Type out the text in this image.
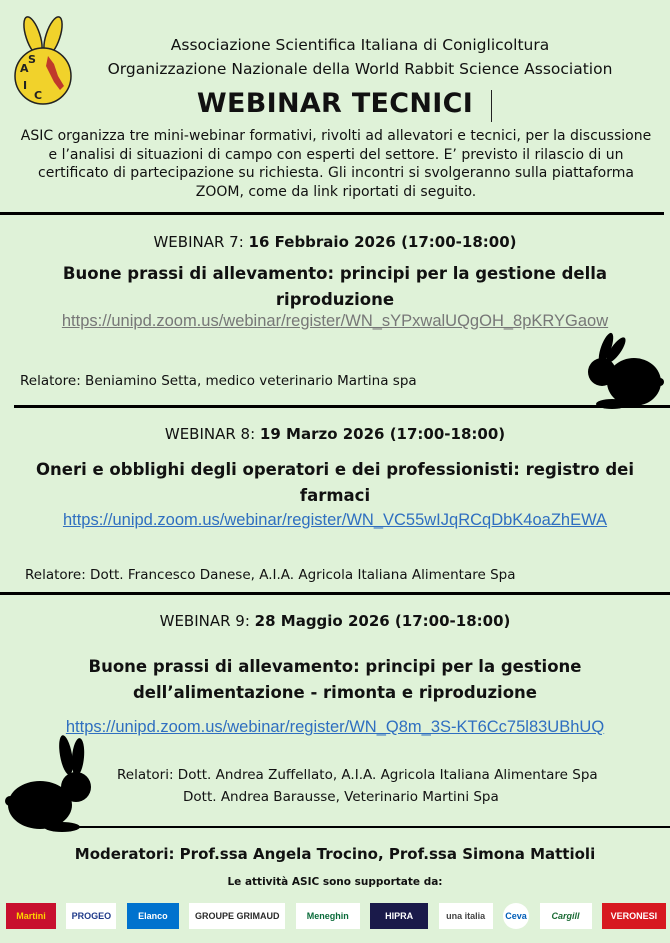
A
S
I
C
Associazione Scientifica Italiana di Coniglicoltura
Organizzazione Nazionale della World Rabbit Science Association
WEBINAR TECNICI
ASIC organizza tre mini-webinar formativi, rivolti ad allevatori e tecnici, per la discussione e l’analisi di situazioni di campo con esperti del settore. E’ previsto il rilascio di un certificato di partecipazione su richiesta. Gli incontri si svolgeranno sulla piattaforma ZOOM, come da link riportati di seguito.
WEBINAR 7: 16 Febbraio 2026 (17:00-18:00)
Buone prassi di allevamento: principi per la gestione della riproduzione
https://unipd.zoom.us/webinar/register/WN_sYPxwalUQgOH_8pKRYGaow
Relatore: Beniamino Setta, medico veterinario Martina spa
WEBINAR 8: 19 Marzo 2026 (17:00-18:00)
Oneri e obblighi degli operatori e dei professionisti: registro dei farmaci
https://unipd.zoom.us/webinar/register/WN_VC55wIJqRCqDbK4oaZhEWA
Relatore: Dott. Francesco Danese, A.I.A. Agricola Italiana Alimentare Spa
WEBINAR 9: 28 Maggio 2026 (17:00-18:00)
Buone prassi di allevamento: principi per la gestione dell’alimentazione - rimonta e riproduzione
https://unipd.zoom.us/webinar/register/WN_Q8m_3S-KT6Cc75l83UBhUQ
Relatori: Dott. Andrea Zuffellato, A.I.A. Agricola Italiana Alimentare Spa
Dott. Andrea Barausse, Veterinario Martini Spa
Moderatori: Prof.ssa Angela Trocino, Prof.ssa Simona Mattioli
Le attività ASIC sono supportate da:
Martini	PROGEO	Elanco	GROUPE GRIMAUD	Meneghin	HIPRA	una italia	Ceva	Cargill	VERONESI
